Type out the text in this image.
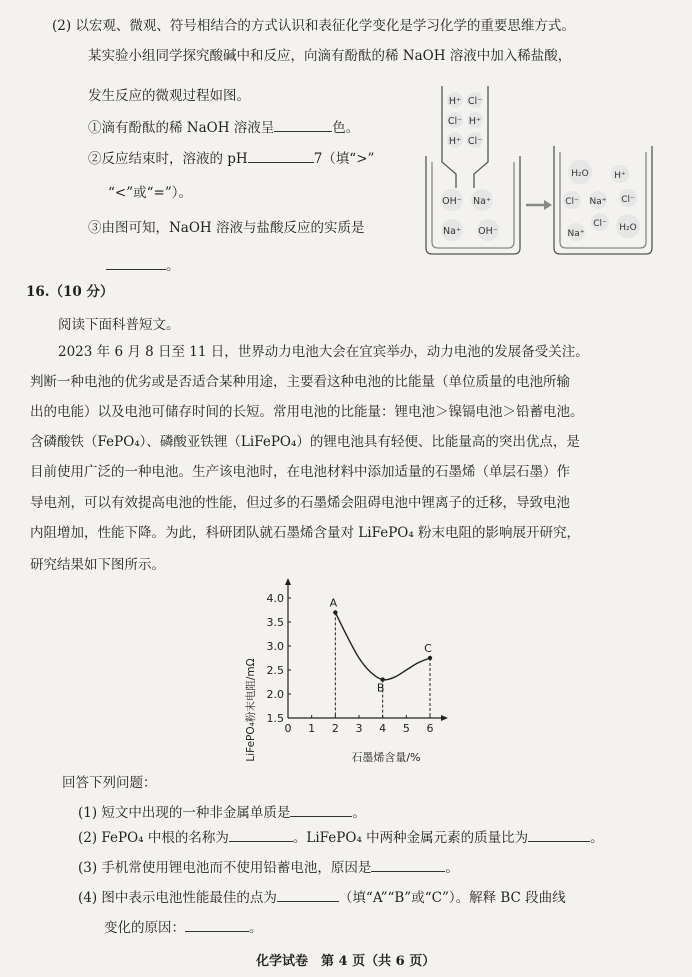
(2) 以宏观、微观、符号相结合的方式认识和表征化学变化是学习化学的重要思维方式。
某实验小组同学探究酸碱中和反应，向滴有酚酞的稀 NaOH 溶液中加入稀盐酸，
发生反应的微观过程如图。
①滴有酚酞的稀 NaOH 溶液呈	色。
②反应结束时，溶液的 pH	7（填“>”
“<”或“=”）。
③由图可知，NaOH 溶液与盐酸反应的实质是
。
H⁺ Cl⁻
Cl⁻ H⁺
H⁺ Cl⁻
OH⁻ Na⁺
Na⁺ OH⁻
H₂O	H⁺
Cl⁻ Na⁺ Cl⁻
Cl⁻
Na⁺
H₂O
16.（10 分）
阅读下面科普短文。
2023 年 6 月 8 日至 11 日，世界动力电池大会在宜宾举办，动力电池的发展备受关注。
判断一种电池的优劣或是否适合某种用途，主要看这种电池的比能量（单位质量的电池所输
出的电能）以及电池可储存时间的长短。常用电池的比能量：锂电池＞镍镉电池＞铅蓄电池。
含磷酸铁（FePO₄）、磷酸亚铁锂（LiFePO₄）的锂电池具有轻便、比能量高的突出优点，是
目前使用广泛的一种电池。生产该电池时，在电池材料中添加适量的石墨烯（单层石墨）作
导电剂，可以有效提高电池的性能，但过多的石墨烯会阻碍电池中锂离子的迁移，导致电池
内阻增加，性能下降。为此，科研团队就石墨烯含量对 LiFePO₄ 粉末电阻的影响展开研究，
研究结果如下图所示。
0 1 2 3 4 5 6
1.5
2.0
2.5
3.0
3.5
4.0	A
B
C
LiFePO₄粉末电阻/mΩ	石墨烯含量/%
回答下列问题：
(1) 短文中出现的一种非金属单质是	。
(2) FePO₄ 中根的名称为	。LiFePO₄ 中两种金属元素的质量比为	。
(3) 手机常使用锂电池而不使用铅蓄电池，原因是	。
(4) 图中表示电池性能最佳的点为	（填“A”“B”或“C”）。解释 BC 段曲线
变化的原因：	。
化学试卷　第 4 页（共 6 页）
